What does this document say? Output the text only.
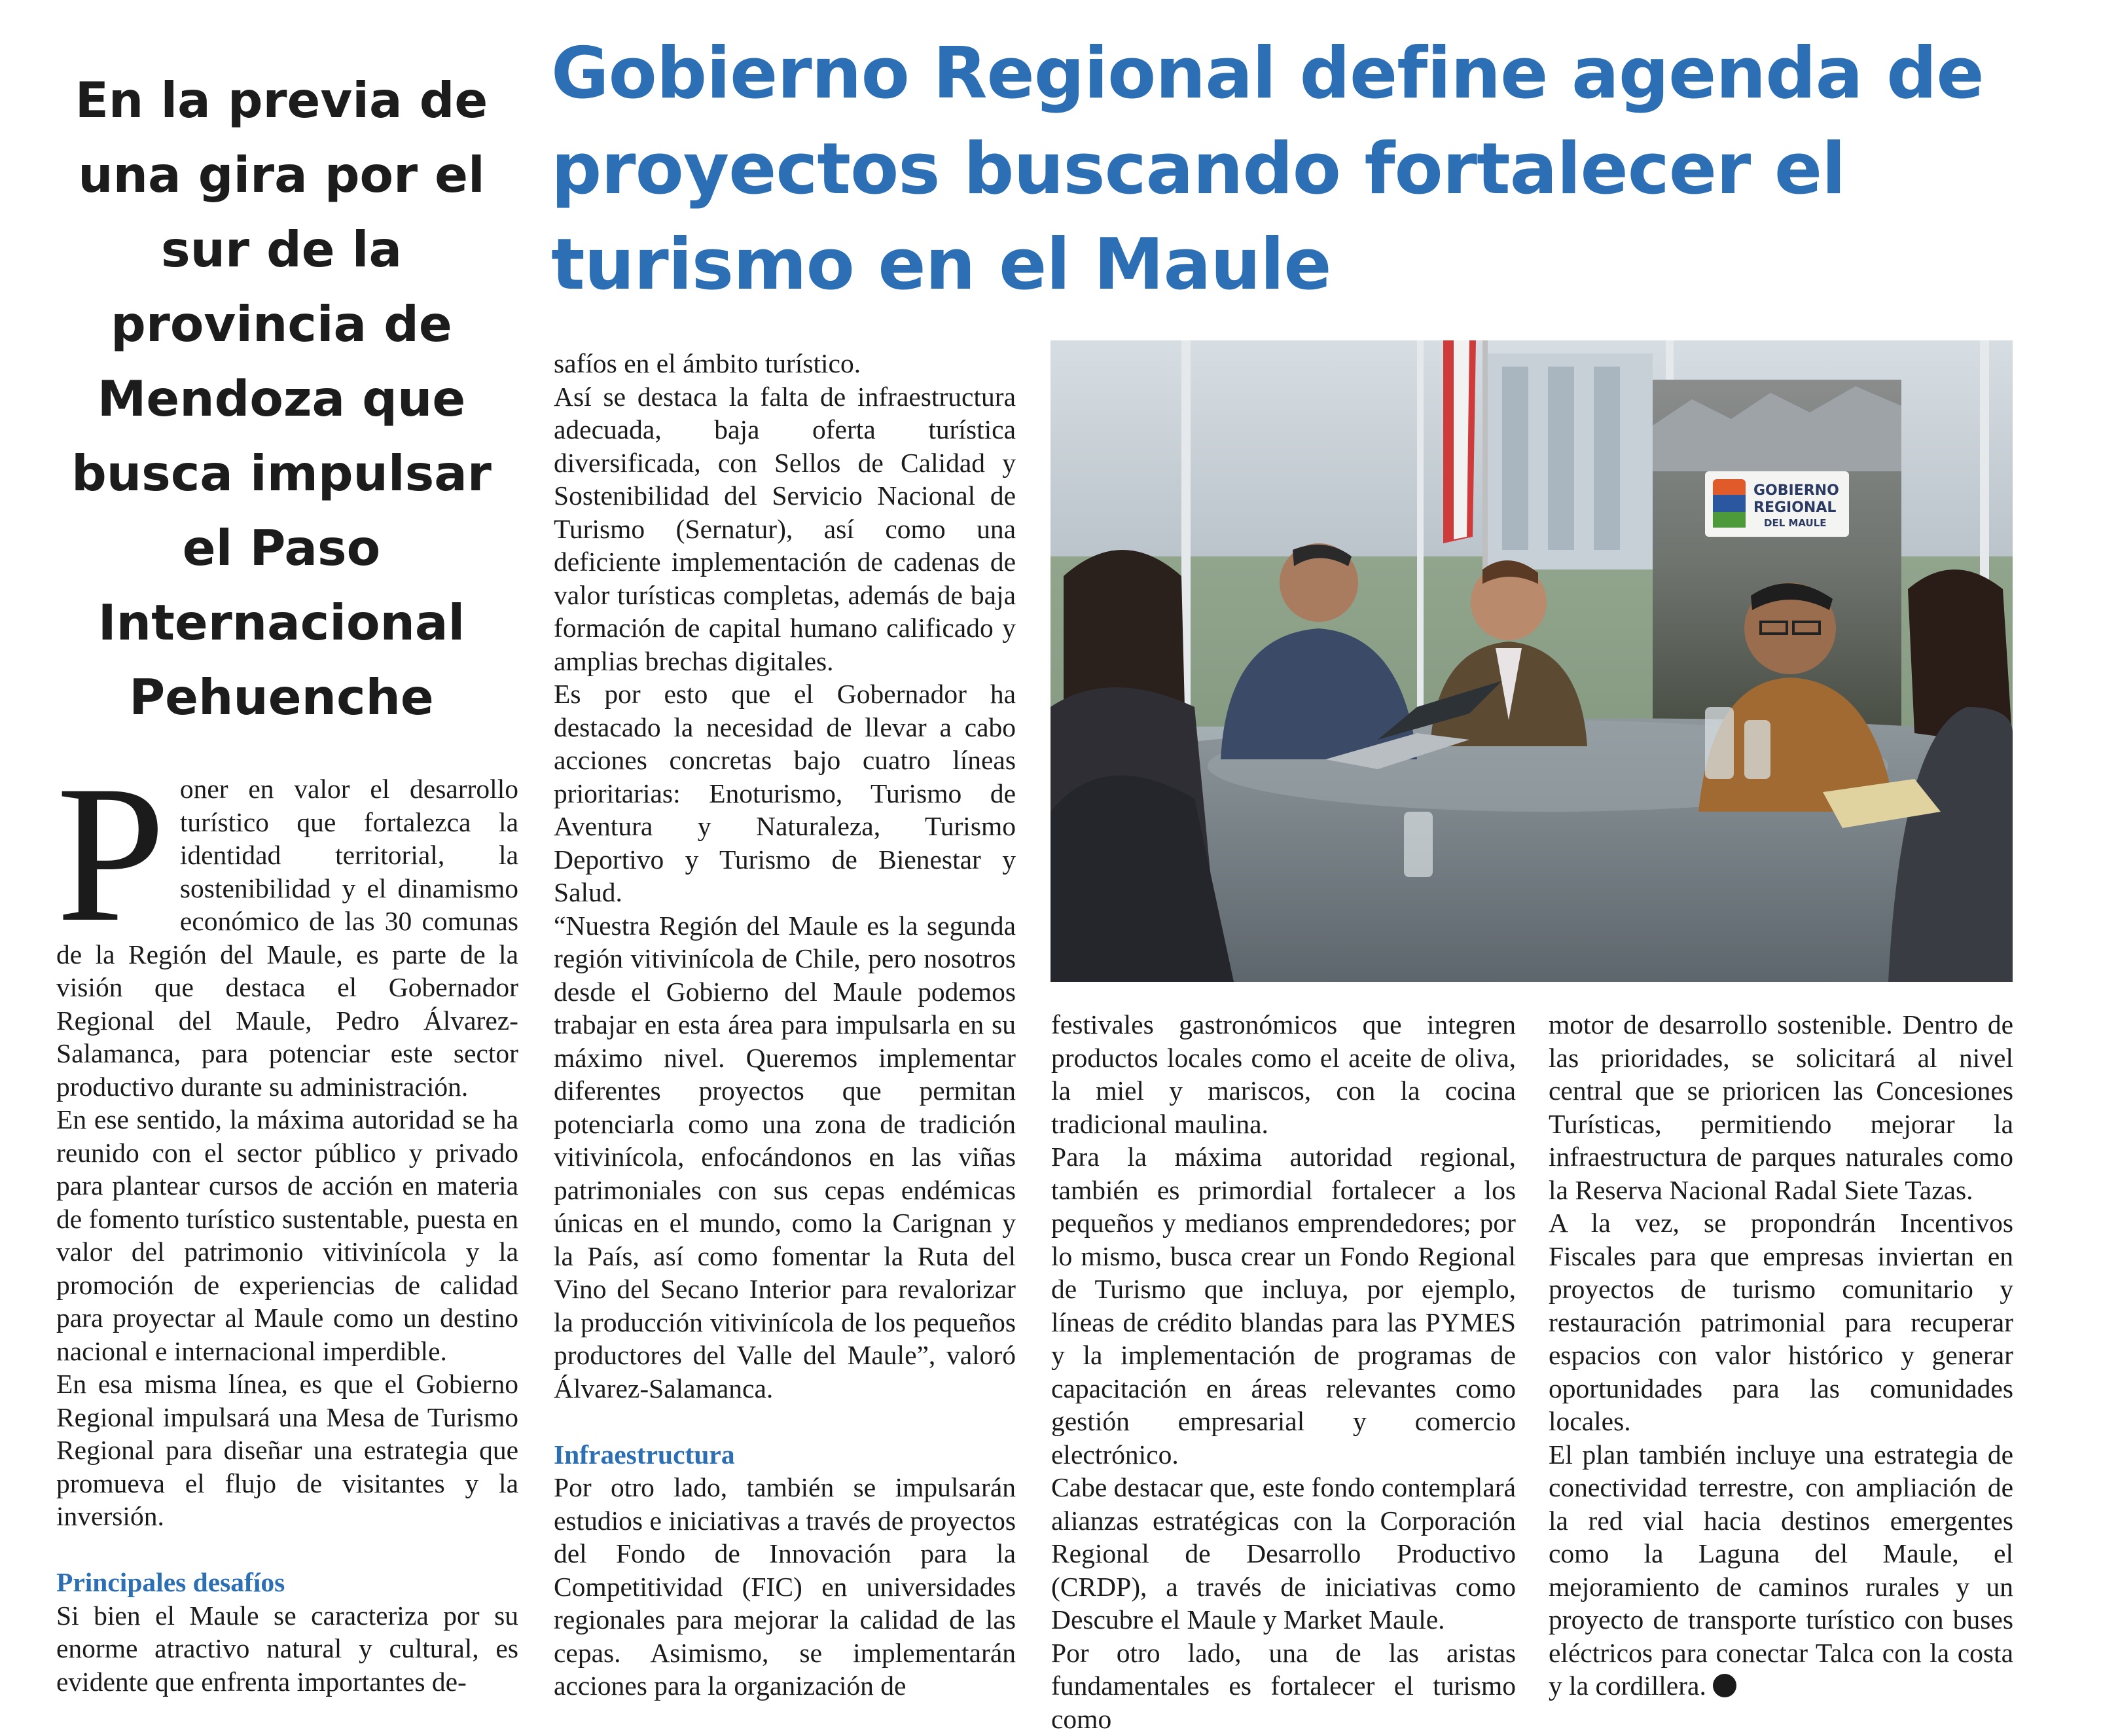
En la previa de una gira por el sur de la provincia de Mendoza que busca impulsar el Paso Internacional Pehuenche
Gobierno Regional define agenda de proyectos buscando fortalecer el turismo en el Maule
GOBIERNO
REGIONAL
DEL MAULE
P oner en valor el desarrollo turístico que fortalezca la identidad territorial, la sostenibilidad y el dinamismo económico de las 30 comunas de la Región del Maule, es parte de la visión que destaca el Gobernador Regional del Maule, Pedro Álvarez-Salamanca, para potenciar este sector productivo durante su administración.

En ese sentido, la máxima autoridad se ha reunido con el sector público y privado para plantear cursos de acción en materia de fomento turístico sustentable, puesta en valor del patrimonio vitivinícola y la promoción de experiencias de calidad para proyectar al Maule como un destino nacional e internacional imperdible.

En esa misma línea, es que el Gobierno Regional impulsará una Mesa de Turismo Regional para diseñar una estrategia que promueva el flujo de visitantes y la inversión.

Principales desafíos

Si bien el Maule se caracteriza por su enorme atractivo natural y cultural, es evidente que enfrenta importantes de-

safíos en el ámbito turístico.

Así se destaca la falta de infraestructura adecuada, baja oferta turística diversificada, con Sellos de Calidad y Sostenibilidad del Servicio Nacional de Turismo (Sernatur), así como una deficiente implementación de cadenas de valor turísticas completas, además de baja formación de capital humano calificado y amplias brechas digitales.

Es por esto que el Gobernador ha destacado la necesidad de llevar a cabo acciones concretas bajo cuatro líneas prioritarias: Enoturismo, Turismo de Aventura y Naturaleza, Turismo Deportivo y Turismo de Bienestar y Salud.

“Nuestra Región del Maule es la segunda región vitivinícola de Chile, pero nosotros desde el Gobierno del Maule podemos trabajar en esta área para impulsarla en su máximo nivel. Queremos implementar diferentes proyectos que permitan potenciarla como una zona de tradición vitivinícola, enfocándonos en las viñas patrimoniales con sus cepas endémicas únicas en el mundo, como la Carignan y la País, así como fomentar la Ruta del Vino del Secano Interior para revalorizar la producción vitivinícola de los pequeños productores del Valle del Maule”, valoró Álvarez-Salamanca.

Infraestructura

Por otro lado, también se impulsarán estudios e iniciativas a través de proyectos del Fondo de Innovación para la Competitividad (FIC) en universidades regionales para mejorar la calidad de las cepas. Asimismo, se implementarán acciones para la organización de

festivales gastronómicos que integren productos locales como el aceite de oliva, la miel y mariscos, con la cocina tradicional maulina.

Para la máxima autoridad regional, también es primordial fortalecer a los pequeños y medianos emprendedores; por lo mismo, busca crear un Fondo Regional de Turismo que incluya, por ejemplo, líneas de crédito blandas para las PYMES y la implementación de programas de capacitación en áreas relevantes como gestión empresarial y comercio electrónico.

Cabe destacar que, este fondo contemplará alianzas estratégicas con la Corporación Regional de Desarrollo Productivo (CRDP), a través de iniciativas como Descubre el Maule y Market Maule.

Por otro lado, una de las aristas fundamentales es fortalecer el turismo como

motor de desarrollo sostenible. Dentro de las prioridades, se solicitará al nivel central que se prioricen las Concesiones Turísticas, permitiendo mejorar la infraestructura de parques naturales como la Reserva Nacional Radal Siete Tazas.

A la vez, se propondrán Incentivos Fiscales para que empresas inviertan en proyectos de turismo comunitario y restauración patrimonial para recuperar espacios con valor histórico y generar oportunidades para las comunidades locales.

El plan también incluye una estrategia de conectividad terrestre, con ampliación de la red vial hacia destinos emergentes como la Laguna del Maule, el mejoramiento de caminos rurales y un proyecto de transporte turístico con buses eléctricos para conectar Talca con la costa y la cordillera.
